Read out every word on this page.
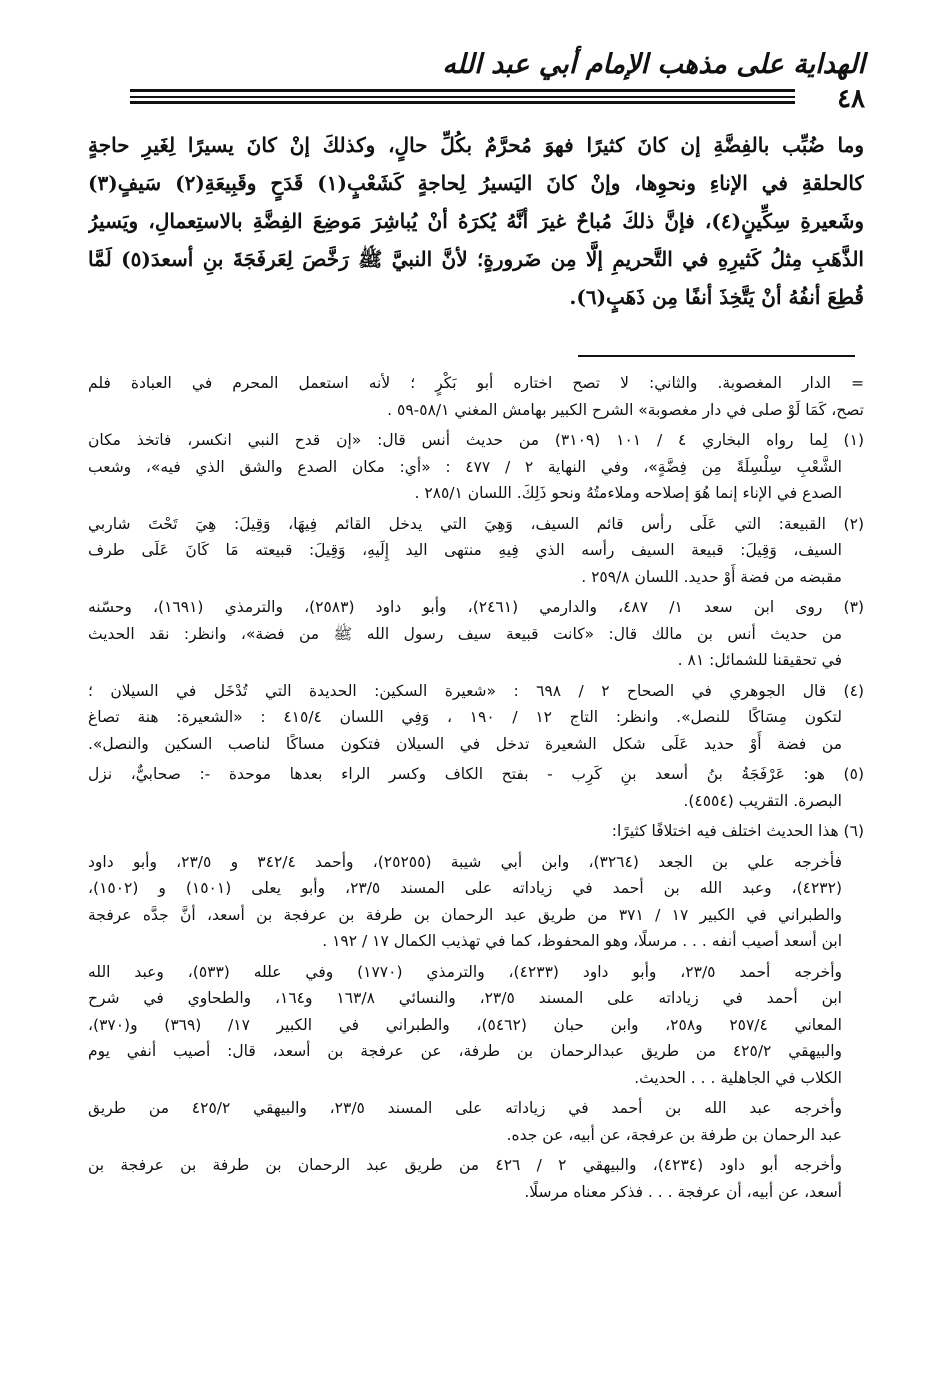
الهداية على مذهب الإمام أبي عبد الله
٤٨
وما ضُبِّب بالفِضَّةِ إن كانَ كثيرًا فهوَ مُحرَّمٌ بكُلِّ حالٍ، وكذلكَ إنْ كانَ يسيرًا لِغَيرِ حاجةٍ
كالحلقةِ في الإناءِ ونحوِها، وإنْ كانَ اليَسيرُ لِحاجةٍ كَشَعْبٍ(١) قَدَحٍ وقَبِيعَةِ(٢) سَيفٍ(٣)
وشَعيرةِ سِكِّينٍ(٤)، فإنَّ ذلكَ مُباحٌ غيرَ أنَّهُ يُكرَهُ أنْ يُباشِرَ مَوضِعَ الفِضَّةِ بالاستِعمالِ، ويَسيرُ
الذَّهَبِ مِثلُ كَثيرِهِ في التَّحريمِ إلَّا مِن ضَرورةٍ؛ لأنَّ النبيَّ ﷺ رَخَّصَ لِعَرفَجَةَ بنِ أسعدَ(٥) لَمَّا
قُطِعَ أنفُهُ أنْ يَتَّخِذَ أنفًا مِن ذَهَبٍ(٦).
= الدار المغصوبة. والثاني: لا تصح اختاره أبو بَكْرٍ ؛ لأنه استعمل المحرم في العبادة فلم
تصح، كَمَا لَوْ صلى في دار مغصوبة» الشرح الكبير بهامش المغني ٥٨/١-٥٩ .
(١) لِما رواه البخاري ٤ / ١٠١ (٣١٠٩) من حديث أنس قال: «إن قدح النبي انكسر، فاتخذ مكان
الشَّعْبِ سِلْسِلَةً مِن فِضَّةٍ»، وفي النهاية ٢ / ٤٧٧ : «أي: مكان الصدع والشق الذي فيه»، وشعب
الصدع في الإناء إنما هُوَ إصلاحه وملاءمتُهُ ونحو ذَلِكَ. اللسان ٢٨٥/١ .
(٢) القبيعة: التي عَلَى رأس قائم السيف، وَهِيَ التي يدخل القائم فِيهَا، وَقِيلَ: هِيَ تَحْتَ شاربي
السيف، وَقِيلَ: قبيعة السيف رأسه الذي فِيهِ منتهى اليد إِلَيهِ، وَقِيلَ: قبيعته مَا كَانَ عَلَى طرف
مقبضه من فضة أَوْ حديد. اللسان ٢٥٩/٨ .
(٣) روى ابن سعد ١/ ٤٨٧، والدارمي (٢٤٦١)، وأبو داود (٢٥٨٣)، والترمذي (١٦٩١)، وحسّنه
من حديث أنس بن مالك قال: «كانت قبيعة سيف رسول الله ﷺ من فضة»، وانظر: نقد الحديث
في تحقيقنا للشمائل: ٨١ .
(٤) قال الجوهري في الصحاح ٢ / ٦٩٨ : «شعيرة السكين: الحديدة التي تُدْخَل في السيلان ؛
لتكون مِسَاكًا للنصل». وانظر: التاج ١٢ / ١٩٠ ، وَفِي اللسان ٤١٥/٤ : «الشعيرة: هنة تصاغ
من فضة أَوْ حديد عَلَى شكل الشعيرة تدخل في السيلان فتكون مساكًا لناصب السكين والنصل».
(٥) هو: عَرْفَجَةُ بنُ أسعد بنِ كَرِب - بفتح الكاف وكسر الراء بعدها موحدة -: صحابيٌّ، نزل
البصرة. التقريب (٤٥٥٤).
(٦) هذا الحديث اختلف فيه اختلافًا كثيرًا:
فأخرجه علي بن الجعد (٣٢٦٤)، وابن أبي شيبة (٢٥٢٥٥)، وأحمد ٣٤٢/٤ و ٢٣/٥، وأبو داود
(٤٢٣٢)، وعبد الله بن أحمد في زياداته على المسند ٢٣/٥، وأبو يعلى (١٥٠١) و (١٥٠٢)،
والطبراني في الكبير ١٧ / ٣٧١ من طريق عبد الرحمان بن طرفة بن عرفجة بن أسعد، أنَّ جدَّه عرفجة
ابن أسعد أصيب أنفه . . . مرسلًا، وهو المحفوظ، كما في تهذيب الكمال ١٧ / ١٩٢ .
وأخرجه أحمد ٢٣/٥، وأبو داود (٤٢٣٣)، والترمذي (١٧٧٠) وفي علله (٥٣٣)، وعبد الله
ابن أحمد في زياداته على المسند ٢٣/٥، والنسائي ١٦٣/٨ و١٦٤، والطحاوي في شرح
المعاني ٢٥٧/٤ و٢٥٨، وابن حبان (٥٤٦٢)، والطبراني في الكبير ١٧/ (٣٦٩) و(٣٧٠)،
والبيهقي ٤٢٥/٢ من طريق عبدالرحمان بن طرفة، عن عرفجة بن أسعد، قال: أصيب أنفي يوم
الكلاب في الجاهلية . . . الحديث.
وأخرجه عبد الله بن أحمد في زياداته على المسند ٢٣/٥، والبيهقي ٤٢٥/٢ من طريق
عبد الرحمان بن طرفة بن عرفجة، عن أبيه، عن جده.
وأخرجه أبو داود (٤٢٣٤)، والبيهقي ٢ / ٤٢٦ من طريق عبد الرحمان بن طرفة بن عرفجة بن
أسعد، عن أبيه، أن عرفجة . . . فذكر معناه مرسلًا.
